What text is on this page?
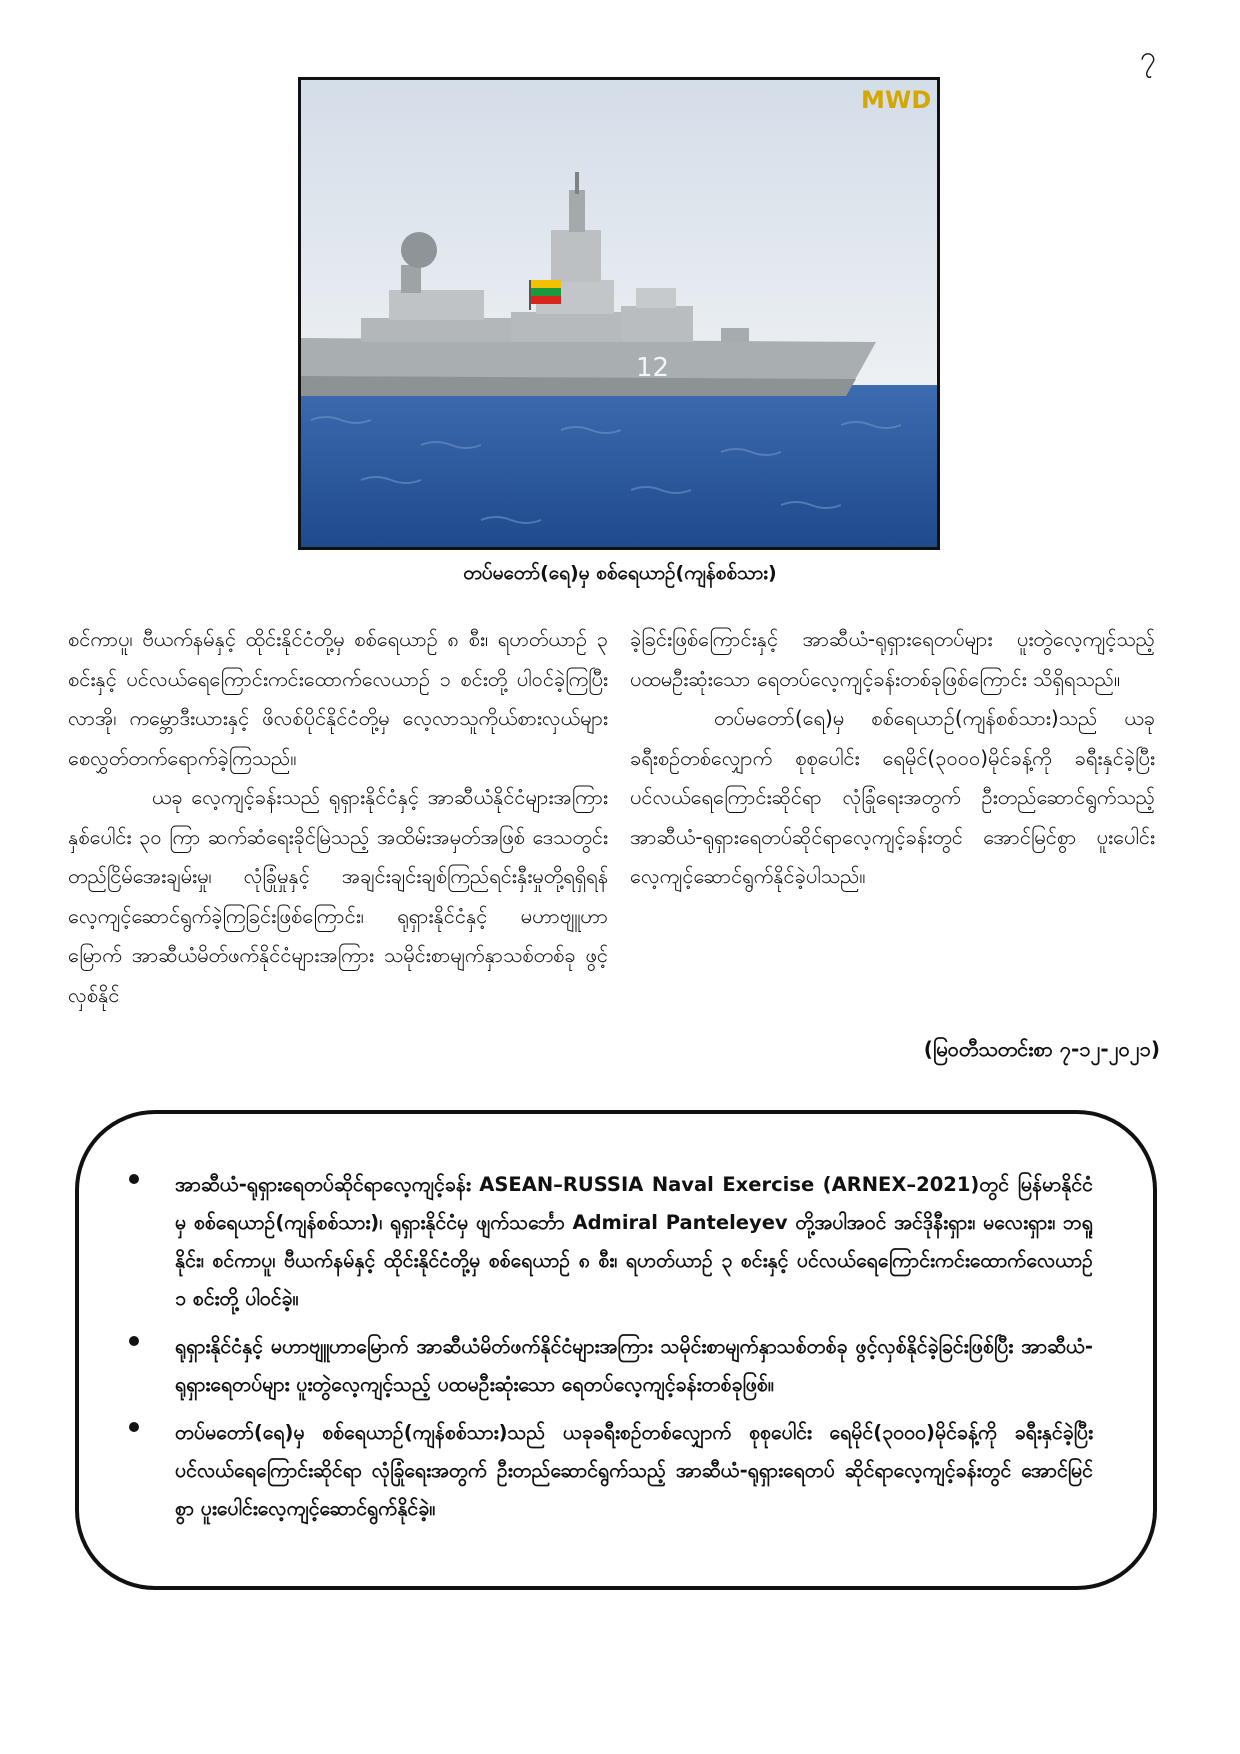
၇
12
MWD
တပ်မတော်(ရေ)မှ စစ်ရေယာဉ်(ကျန်စစ်သား)

စင်ကာပူ၊ ဗီယက်နမ်နှင့် ထိုင်းနိုင်ငံတို့မှ စစ်ရေယာဉ် ၈ စီး၊ ရဟတ်ယာဉ် ၃ စင်းနှင့် ပင်လယ်ရေကြောင်းကင်းထောက်လေယာဉ် ၁ စင်းတို့ ပါဝင်ခဲ့ကြပြီး လာအို၊ ကမ္ဘောဒီးယားနှင့် ဖိလစ်ပိုင်နိုင်ငံတို့မှ လေ့လာသူကိုယ်စားလှယ်များ စေလွှတ်တက်ရောက်ခဲ့ကြသည်။

ယခု လေ့ကျင့်ခန်းသည် ရုရှားနိုင်ငံနှင့် အာဆီယံနိုင်ငံများအကြား နှစ်ပေါင်း ၃၀ ကြာ ဆက်ဆံရေးခိုင်မြဲသည့် အထိမ်းအမှတ်အဖြစ် ဒေသတွင်းတည်ငြိမ်အေးချမ်းမှု၊ လုံခြုံမှုနှင့် အချင်းချင်းချစ်ကြည်ရင်းနှီးမှုတို့ရရှိရန် လေ့ကျင့်ဆောင်ရွက်ခဲ့ကြခြင်းဖြစ်ကြောင်း၊ ရုရှားနိုင်ငံနှင့် မဟာဗျူဟာမြောက် အာဆီယံမိတ်ဖက်နိုင်ငံများအကြား သမိုင်းစာမျက်နှာသစ်တစ်ခု ဖွင့်လှစ်နိုင်

ခဲ့ခြင်းဖြစ်ကြောင်းနှင့် အာဆီယံ-ရုရှားရေတပ်များ ပူးတွဲလေ့ကျင့်သည့် ပထမဦးဆုံးသော ရေတပ်လေ့ကျင့်ခန်းတစ်ခုဖြစ်ကြောင်း သိရှိရသည်။

တပ်မတော်(ရေ)မှ စစ်ရေယာဉ်(ကျန်စစ်သား)သည် ယခုခရီးစဉ်တစ်လျှောက် စုစုပေါင်း ရေမိုင်(၃၀၀၀)မိုင်ခန့်ကို ခရီးနှင်ခဲ့ပြီး ပင်လယ်ရေကြောင်းဆိုင်ရာ လုံခြုံရေးအတွက် ဦးတည်ဆောင်ရွက်သည့် အာဆီယံ-ရုရှားရေတပ်ဆိုင်ရာလေ့ကျင့်ခန်းတွင် အောင်မြင်စွာ ပူးပေါင်းလေ့ကျင့်ဆောင်ရွက်နိုင်ခဲ့ပါသည်။

(မြဝတီသတင်းစာ ၇-၁၂-၂၀၂၁)
အာဆီယံ-ရုရှားရေတပ်ဆိုင်ရာလေ့ကျင့်ခန်း ASEAN–RUSSIA Naval Exercise (ARNEX–2021)တွင် မြန်မာနိုင်ငံမှ စစ်ရေယာဉ်(ကျန်စစ်သား)၊ ရုရှားနိုင်ငံမှ ဖျက်သင်္ဘော Admiral Panteleyev တို့အပါအဝင် အင်ဒိုနီးရှား၊ မလေးရှား၊ ဘရူနိုင်း၊ စင်ကာပူ၊ ဗီယက်နမ်နှင့် ထိုင်းနိုင်ငံတို့မှ စစ်ရေယာဉ် ၈ စီး၊ ရဟတ်ယာဉ် ၃ စင်းနှင့် ပင်လယ်ရေကြောင်းကင်းထောက်လေယာဉ် ၁ စင်းတို့ ပါဝင်ခဲ့။
ရုရှားနိုင်ငံနှင့် မဟာဗျူဟာမြောက် အာဆီယံမိတ်ဖက်နိုင်ငံများအကြား သမိုင်းစာမျက်နှာသစ်တစ်ခု ဖွင့်လှစ်နိုင်ခဲ့ခြင်းဖြစ်ပြီး အာဆီယံ-ရုရှားရေတပ်များ ပူးတွဲလေ့ကျင့်သည့် ပထမဦးဆုံးသော ရေတပ်လေ့ကျင့်ခန်းတစ်ခုဖြစ်။
တပ်မတော်(ရေ)မှ စစ်ရေယာဉ်(ကျန်စစ်သား)သည် ယခုခရီးစဉ်တစ်လျှောက် စုစုပေါင်း ရေမိုင်(၃၀၀၀)မိုင်ခန့်ကို ခရီးနှင်ခဲ့ပြီး ပင်လယ်ရေကြောင်းဆိုင်ရာ လုံခြုံရေးအတွက် ဦးတည်ဆောင်ရွက်သည့် အာဆီယံ-ရုရှားရေတပ် ဆိုင်ရာလေ့ကျင့်ခန်းတွင် အောင်မြင်စွာ ပူးပေါင်းလေ့ကျင့်ဆောင်ရွက်နိုင်ခဲ့။
